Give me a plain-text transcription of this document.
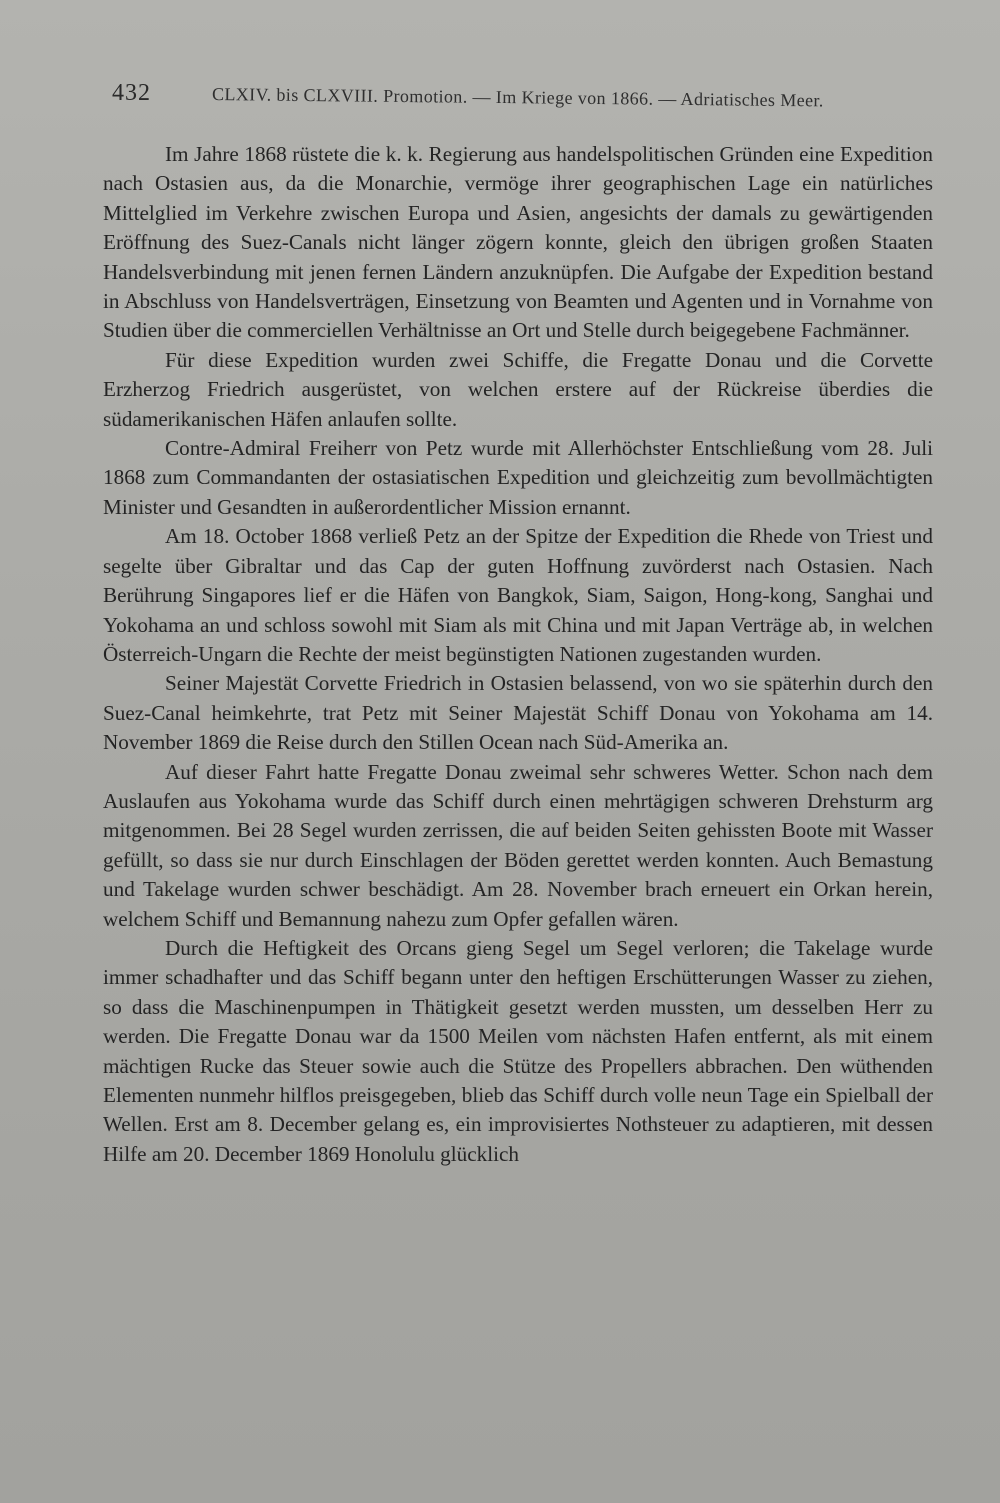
432	CLXIV. bis CLXVIII. Promotion. — Im Kriege von 1866. — Adriatisches Meer.

Im Jahre 1868 rüstete die k. k. Regierung aus handelspolitischen Gründen eine Expedition nach Ostasien aus, da die Monarchie, vermöge ihrer geographischen Lage ein natürliches Mittelglied im Verkehre zwischen Europa und Asien, angesichts der damals zu gewärtigenden Eröffnung des Suez-Canals nicht länger zögern konnte, gleich den übrigen großen Staaten Handelsverbindung mit jenen fernen Ländern anzuknüpfen. Die Aufgabe der Expedition bestand in Abschluss von Handelsverträgen, Einsetzung von Beamten und Agenten und in Vornahme von Studien über die commerciellen Verhältnisse an Ort und Stelle durch beigegebene Fachmänner.

Für diese Expedition wurden zwei Schiffe, die Fregatte Donau und die Corvette Erzherzog Friedrich ausgerüstet, von welchen erstere auf der Rückreise überdies die südamerikanischen Häfen anlaufen sollte.

Contre-Admiral Freiherr von Petz wurde mit Allerhöchster Entschließung vom 28. Juli 1868 zum Commandanten der ostasiatischen Expedition und gleichzeitig zum bevollmächtigten Minister und Gesandten in außerordentlicher Mission ernannt.

Am 18. October 1868 verließ Petz an der Spitze der Expedition die Rhede von Triest und segelte über Gibraltar und das Cap der guten Hoffnung zuvörderst nach Ostasien. Nach Berührung Singapores lief er die Häfen von Bangkok, Siam, Saigon, Hong-kong, Sanghai und Yokohama an und schloss sowohl mit Siam als mit China und mit Japan Verträge ab, in welchen Österreich-Ungarn die Rechte der meist begünstigten Nationen zugestanden wurden.

Seiner Majestät Corvette Friedrich in Ostasien belassend, von wo sie späterhin durch den Suez-Canal heimkehrte, trat Petz mit Seiner Majestät Schiff Donau von Yokohama am 14. November 1869 die Reise durch den Stillen Ocean nach Süd-Amerika an.

Auf dieser Fahrt hatte Fregatte Donau zweimal sehr schweres Wetter. Schon nach dem Auslaufen aus Yokohama wurde das Schiff durch einen mehrtägigen schweren Drehsturm arg mitgenommen. Bei 28 Segel wurden zerrissen, die auf beiden Seiten gehissten Boote mit Wasser gefüllt, so dass sie nur durch Einschlagen der Böden gerettet werden konnten. Auch Bemastung und Takelage wurden schwer beschädigt. Am 28. November brach erneuert ein Orkan herein, welchem Schiff und Bemannung nahezu zum Opfer gefallen wären.

Durch die Heftigkeit des Orcans gieng Segel um Segel verloren; die Takelage wurde immer schadhafter und das Schiff begann unter den heftigen Erschütterungen Wasser zu ziehen, so dass die Maschinenpumpen in Thätigkeit gesetzt werden mussten, um desselben Herr zu werden. Die Fregatte Donau war da 1500 Meilen vom nächsten Hafen entfernt, als mit einem mächtigen Rucke das Steuer sowie auch die Stütze des Propellers abbrachen. Den wüthenden Elementen nunmehr hilflos preisgegeben, blieb das Schiff durch volle neun Tage ein Spielball der Wellen. Erst am 8. December gelang es, ein improvisiertes Nothsteuer zu adaptieren, mit dessen Hilfe am 20. December 1869 Honolulu glücklich
